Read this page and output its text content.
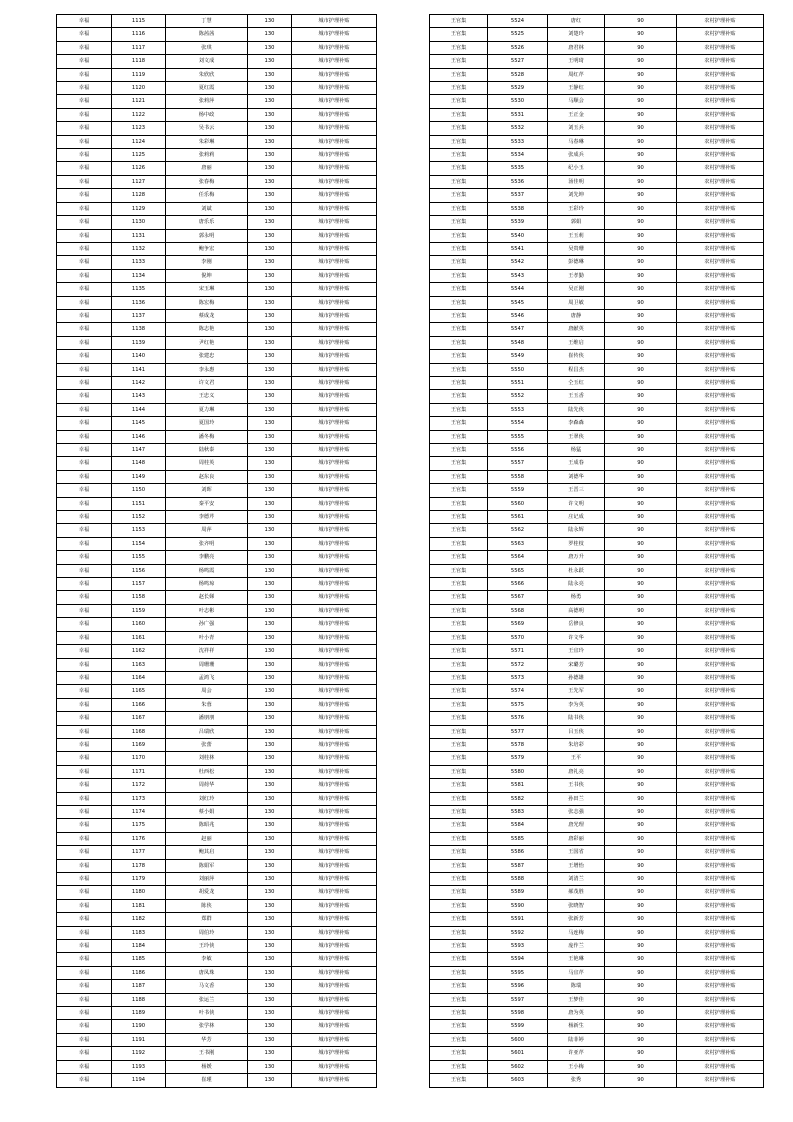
幸福	1115	丁慧	130	城市护理补贴
幸福	1116	陈茜茜	130	城市护理补贴
幸福	1117	张琪	130	城市护理补贴
幸福	1118	刘文成	130	城市护理补贴
幸福	1119	朱欣欣	130	城市护理补贴
幸福	1120	夏红霞	130	城市护理补贴
幸福	1121	张莉萍	130	城市护理补贴
幸福	1122	杨中政	130	城市护理补贴
幸福	1123	吴书云	130	城市护理补贴
幸福	1124	朱彩琳	130	城市护理补贴
幸福	1125	张莉莉	130	城市护理补贴
幸福	1126	唐丽	130	城市护理补贴
幸福	1127	张春梅	130	城市护理补贴
幸福	1128	任乐梅	130	城市护理补贴
幸福	1129	刘斌	130	城市护理补贴
幸福	1130	唐乐乐	130	城市护理补贴
幸福	1131	郭永明	130	城市护理补贴
幸福	1132	鲍争宏	130	城市护理补贴
幸福	1133	李刚	130	城市护理补贴
幸福	1134	倪坤	130	城市护理补贴
幸福	1135	宋玉琳	130	城市护理补贴
幸福	1136	陈宏梅	130	城市护理补贴
幸福	1137	蔡成龙	130	城市护理补贴
幸福	1138	陈志艳	130	城市护理补贴
幸福	1139	尹红艳	130	城市护理补贴
幸福	1140	张建忠	130	城市护理补贴
幸福	1141	李永惠	130	城市护理补贴
幸福	1142	许文君	130	城市护理补贴
幸福	1143	王忠义	130	城市护理补贴
幸福	1144	夏力琳	130	城市护理补贴
幸福	1145	夏国玲	130	城市护理补贴
幸福	1146	潘冬梅	130	城市护理补贴
幸福	1147	陆秋泰	130	城市护理补贴
幸福	1148	周桂英	130	城市护理补贴
幸福	1149	赵东良	130	城市护理补贴
幸福	1150	刘晖	130	城市护理补贴
幸福	1151	秦平安	130	城市护理补贴
幸福	1152	李德芹	130	城市护理补贴
幸福	1153	周萍	130	城市护理补贴
幸福	1154	张齐明	130	城市护理补贴
幸福	1155	李鹏亮	130	城市护理补贴
幸福	1156	杨鸣霞	130	城市护理补贴
幸福	1157	杨鸣琼	130	城市护理补贴
幸福	1158	赵长娣	130	城市护理补贴
幸福	1159	叶志彬	130	城市护理补贴
幸福	1160	孙广强	130	城市护理补贴
幸福	1161	叶小青	130	城市护理补贴
幸福	1162	沈祥祥	130	城市护理补贴
幸福	1163	周珊珊	130	城市护理补贴
幸福	1164	孟鸿飞	130	城市护理补贴
幸福	1165	周会	130	城市护理补贴
幸福	1166	朱蓉	130	城市护理补贴
幸福	1167	潘朋朋	130	城市护理补贴
幸福	1168	吕瑞欣	130	城市护理补贴
幸福	1169	张蕾	130	城市护理补贴
幸福	1170	刘桂林	130	城市护理补贴
幸福	1171	杜西松	130	城市护理补贴
幸福	1172	周荷华	130	城市护理补贴
幸福	1173	刘红玲	130	城市护理补贴
幸福	1174	蔡小娟	130	城市护理补贴
幸福	1175	陈昭兆	130	城市护理补贴
幸福	1176	赵丽	130	城市护理补贴
幸福	1177	鲍其启	130	城市护理补贴
幸福	1178	陈娟军	130	城市护理补贴
幸福	1179	刘丽萍	130	城市护理补贴
幸福	1180	胡爱龙	130	城市护理补贴
幸福	1181	陈侠	130	城市护理补贴
幸福	1182	郑群	130	城市护理补贴
幸福	1183	周伯玲	130	城市护理补贴
幸福	1184	王玲侠	130	城市护理补贴
幸福	1185	李敏	130	城市护理补贴
幸福	1186	唐凤珠	130	城市护理补贴
幸福	1187	马文香	130	城市护理补贴
幸福	1188	张运兰	130	城市护理补贴
幸福	1189	叶书侠	130	城市护理补贴
幸福	1190	张学林	130	城市护理补贴
幸福	1191	华芳	130	城市护理补贴
幸福	1192	王书刚	130	城市护理补贴
幸福	1193	杨媛	130	城市护理补贴
幸福	1194	崔瑾	130	城市护理补贴
王官集	5524	唐红	90	农村护理补贴
王官集	5525	刘楚玲	90	农村护理补贴
王官集	5526	唐君林	90	农村护理补贴
王官集	5527	王明琦	90	农村护理补贴
王官集	5528	周红芹	90	农村护理补贴
王官集	5529	王静红	90	农村护理补贴
王官集	5530	马顺会	90	农村护理补贴
王官集	5531	王正金	90	农村护理补贴
王官集	5532	刘玉兵	90	农村护理补贴
王官集	5533	马春琳	90	农村护理补贴
王官集	5534	张成兵	90	农村护理补贴
王官集	5535	纪小玉	90	农村护理补贴
王官集	5536	汤佳明	90	农村护理补贴
王官集	5537	刘先坤	90	农村护理补贴
王官集	5538	王彩玲	90	农村护理补贴
王官集	5539	郭娟	90	农村护理补贴
王官集	5540	王玉莉	90	农村护理补贴
王官集	5541	吴贵珊	90	农村护理补贴
王官集	5542	彭德琳	90	农村护理补贴
王官集	5543	王孝勤	90	农村护理补贴
王官集	5544	吴正刚	90	农村护理补贴
王官集	5545	周卫敏	90	农村护理补贴
王官集	5546	唐静	90	农村护理补贴
王官集	5547	唐献英	90	农村护理补贴
王官集	5548	王维启	90	农村护理补贴
王官集	5549	崔传侠	90	农村护理补贴
王官集	5550	程昌杰	90	农村护理补贴
王官集	5551	仝玉红	90	农村护理补贴
王官集	5552	王玉香	90	农村护理补贴
王官集	5553	陆先侠	90	农村护理补贴
王官集	5554	李森森	90	农村护理补贴
王官集	5555	王翠侠	90	农村护理补贴
王官集	5556	杨猛	90	农村护理补贴
王官集	5557	王成春	90	农村护理补贴
王官集	5558	刘德华	90	农村护理补贴
王官集	5559	王晋三	90	农村护理补贴
王官集	5560	许文明	90	农村护理补贴
王官集	5561	庄记成	90	农村护理补贴
王官集	5562	陆永辉	90	农村护理补贴
王官集	5563	罗桂枝	90	农村护理补贴
王官集	5564	唐万升	90	农村护理补贴
王官集	5565	杜永跃	90	农村护理补贴
王官集	5566	陆永亮	90	农村护理补贴
王官集	5567	杨勇	90	农村护理补贴
王官集	5568	高德明	90	农村护理补贴
王官集	5569	岳修良	90	农村护理补贴
王官集	5570	许文华	90	农村护理补贴
王官集	5571	王宜玲	90	农村护理补贴
王官集	5572	宋璐芳	90	农村护理补贴
王官集	5573	孙德雄	90	农村护理补贴
王官集	5574	王先军	90	农村护理补贴
王官集	5575	李为英	90	农村护理补贴
王官集	5576	陆书侠	90	农村护理补贴
王官集	5577	吕玉侠	90	农村护理补贴
王官集	5578	朱培彩	90	农村护理补贴
王官集	5579	王平	90	农村护理补贴
王官集	5580	唐礼亮	90	农村护理补贴
王官集	5581	王书侠	90	农村护理补贴
王官集	5582	孙田兰	90	农村护理补贴
王官集	5583	张志强	90	农村护理补贴
王官集	5584	唐光理	90	农村护理补贴
王官集	5585	唐彩丽	90	农村护理补贴
王官集	5586	王国省	90	农村护理补贴
王官集	5587	王增怡	90	农村护理补贴
王官集	5588	刘清兰	90	农村护理补贴
王官集	5589	郝茂胜	90	农村护理补贴
王官集	5590	张晓智	90	农村护理补贴
王官集	5591	张新芳	90	农村护理补贴
王官集	5592	马连梅	90	农村护理补贴
王官集	5593	庞作兰	90	农村护理补贴
王官集	5594	王艳琳	90	农村护理补贴
王官集	5595	马宜芹	90	农村护理补贴
王官集	5596	陈瑞	90	农村护理补贴
王官集	5597	王梦佳	90	农村护理补贴
王官集	5598	唐为英	90	农村护理补贴
王官集	5599	杨新生	90	农村护理补贴
王官集	5600	陆菲婷	90	农村护理补贴
王官集	5601	许亚芹	90	农村护理补贴
王官集	5602	王小梅	90	农村护理补贴
王官集	5603	张秀	90	农村护理补贴
